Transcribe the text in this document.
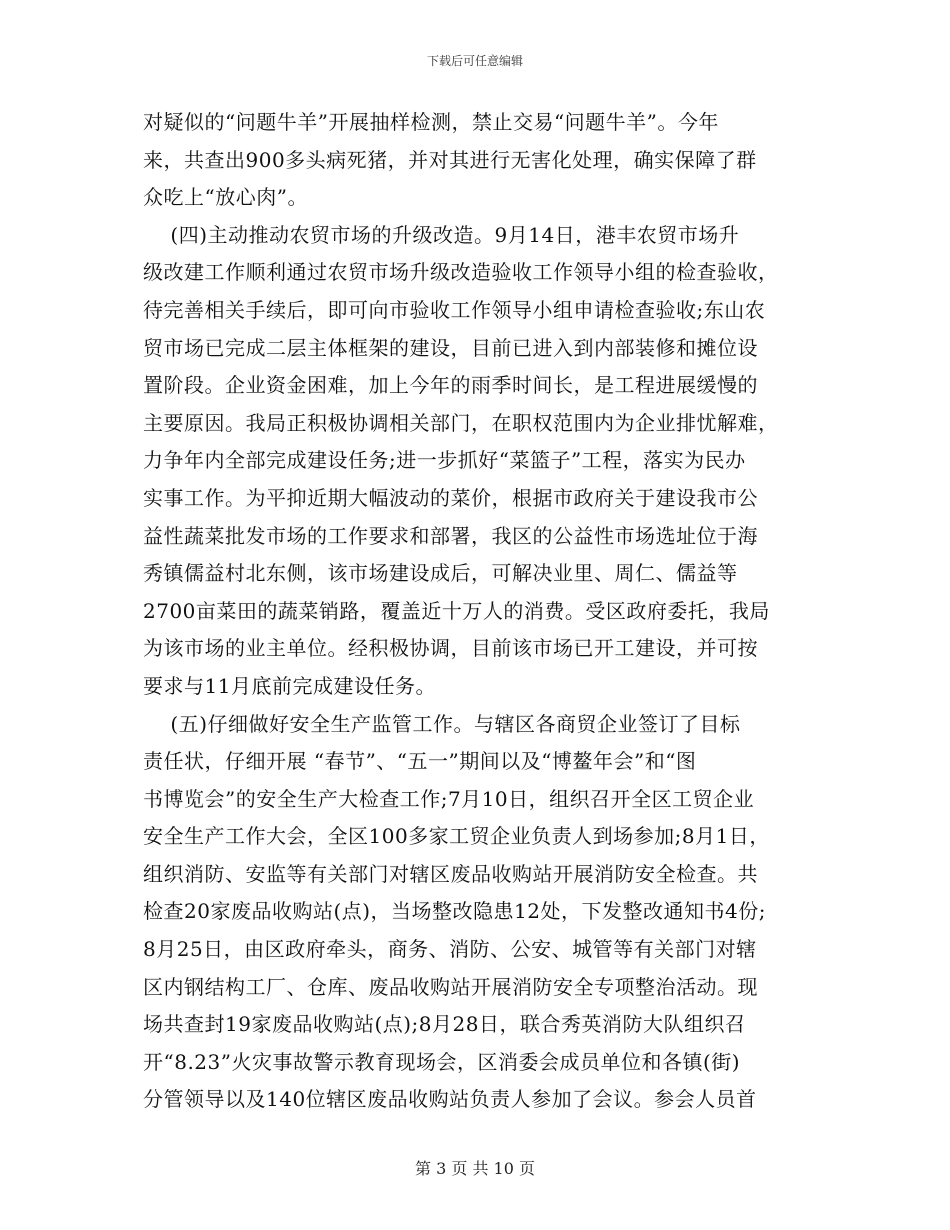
下载后可任意编辑
对疑似的“问题牛羊”开展抽样检测，禁止交易“问题牛羊”。今年
来，共查出900多头病死猪，并对其进行无害化处理，确实保障了群
众吃上“放心肉”。
(四)主动推动农贸市场的升级改造。9月14日，港丰农贸市场升
级改建工作顺利通过农贸市场升级改造验收工作领导小组的检查验收，
待完善相关手续后，即可向市验收工作领导小组申请检查验收;东山农
贸市场已完成二层主体框架的建设，目前已进入到内部装修和摊位设
置阶段。企业资金困难，加上今年的雨季时间长，是工程进展缓慢的
主要原因。我局正积极协调相关部门，在职权范围内为企业排忧解难，
力争年内全部完成建设任务;进一步抓好“菜篮子”工程，落实为民办
实事工作。为平抑近期大幅波动的菜价，根据市政府关于建设我市公
益性蔬菜批发市场的工作要求和部署，我区的公益性市场选址位于海
秀镇儒益村北东侧，该市场建设成后，可解决业里、周仁、儒益等
2700亩菜田的蔬菜销路，覆盖近十万人的消费。受区政府委托，我局
为该市场的业主单位。经积极协调，目前该市场已开工建设，并可按
要求与11月底前完成建设任务。
(五)仔细做好安全生产监管工作。与辖区各商贸企业签订了目标
责任状，仔细开展 “春节”、“五一”期间以及“博鳌年会”和“图
书博览会”的安全生产大检查工作;7月10日，组织召开全区工贸企业
安全生产工作大会，全区100多家工贸企业负责人到场参加;8月1日，
组织消防、安监等有关部门对辖区废品收购站开展消防安全检查。共
检查20家废品收购站(点)，当场整改隐患12处，下发整改通知书4份;
8月25日，由区政府牵头，商务、消防、公安、城管等有关部门对辖
区内钢结构工厂、仓库、废品收购站开展消防安全专项整治活动。现
场共查封19家废品收购站(点);8月28日，联合秀英消防大队组织召
开“8.23”火灾事故警示教育现场会，区消委会成员单位和各镇(街)
分管领导以及140位辖区废品收购站负责人参加了会议。参会人员首
第 3 页 共 10 页
